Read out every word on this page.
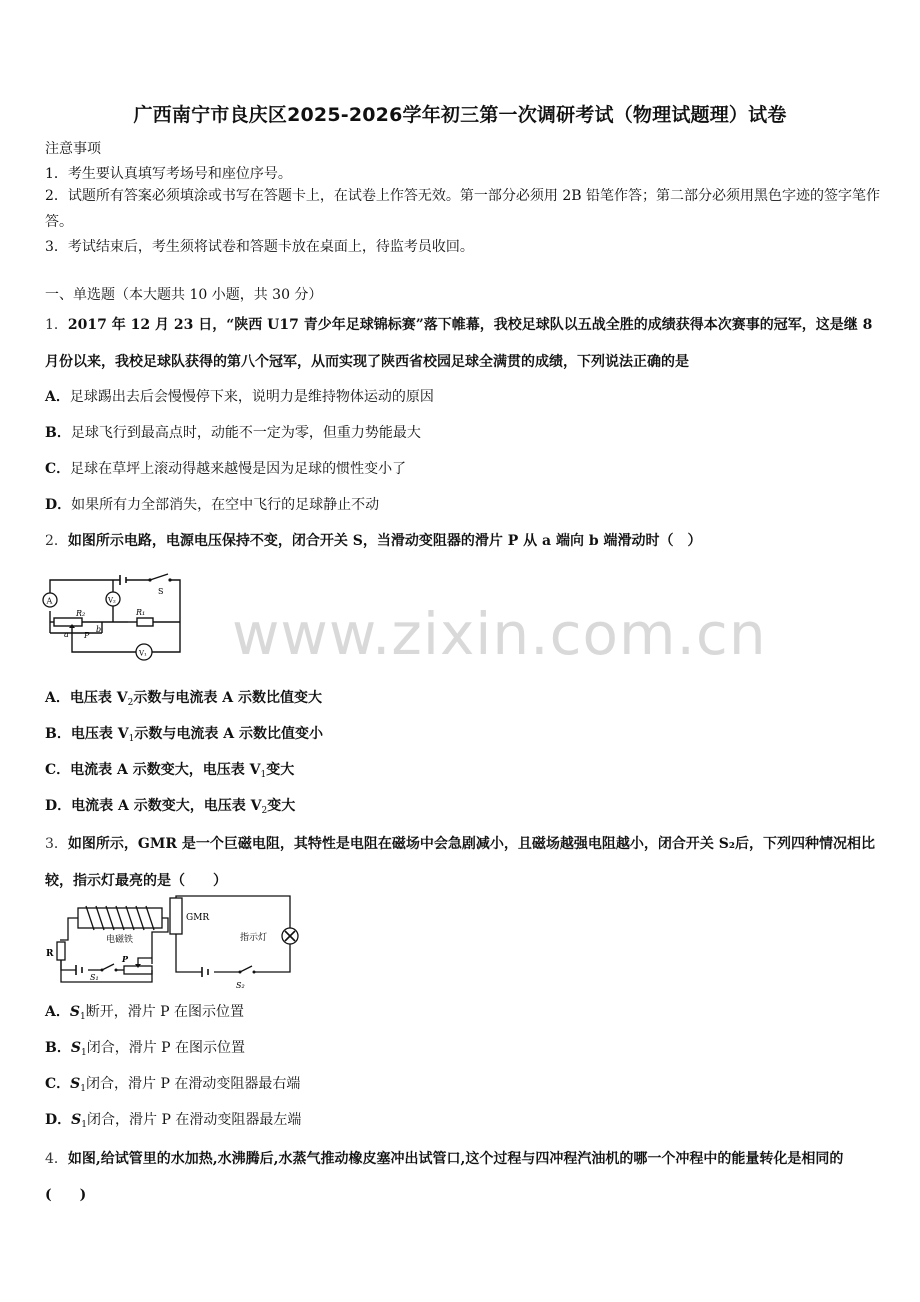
广西南宁市良庆区2025-2026学年初三第一次调研考试（物理试题理）试卷
注意事项
1．考生要认真填写考场号和座位序号。
2．试题所有答案必须填涂或书写在答题卡上，在试卷上作答无效。第一部分必须用 2B 铅笔作答；第二部分必须用黑色字迹的签字笔作答。
3．考试结束后，考生须将试卷和答题卡放在桌面上，待监考员收回。
一、单选题（本大题共 10 小题，共 30 分）
1．2017 年 12 月 23 日，“陕西 U17 青少年足球锦标赛”落下帷幕，我校足球队以五战全胜的成绩获得本次赛事的冠军，这是继 8 月份以来，我校足球队获得的第八个冠军，从而实现了陕西省校园足球全满贯的成绩，下列说法正确的是
A．足球踢出去后会慢慢停下来，说明力是维持物体运动的原因
B．足球飞行到最高点时，动能不一定为零，但重力势能最大
C．足球在草坪上滚动得越来越慢是因为足球的惯性变小了
D．如果所有力全部消失，在空中飞行的足球静止不动
2．如图所示电路，电源电压保持不变，闭合开关 S，当滑动变阻器的滑片 P 从 a 端向 b 端滑动时（　）
A	V₂
V₁
R₁
R₂
S
a P
b www.zixin.com.cn
A．电压表 $V_2$示数与电流表 A 示数比值变大
B．电压表 $V_1$示数与电流表 A 示数比值变小
C．电流表 A 示数变大，电压表 $V_1$变大
D．电流表 A 示数变大，电压表 $V_2$变大
3．如图所示，GMR 是一个巨磁电阻，其特性是电阻在磁场中会急剧减小，且磁场越强电阻越小，闭合开关 S₂后，下列四种情况相比较，指示灯最亮的是（　　）
电磁铁
GMR
指示灯
R
S₁
S₂
P
A．$S_1$断开，滑片 P 在图示位置
B．$S_1$闭合，滑片 P 在图示位置
C．$S_1$闭合，滑片 P 在滑动变阻器最右端
D．$S_1$闭合，滑片 P 在滑动变阻器最左端
4．如图,给试管里的水加热,水沸腾后,水蒸气推动橡皮塞冲出试管口,这个过程与四冲程汽油机的哪一个冲程中的能量转化是相同的(　　)
